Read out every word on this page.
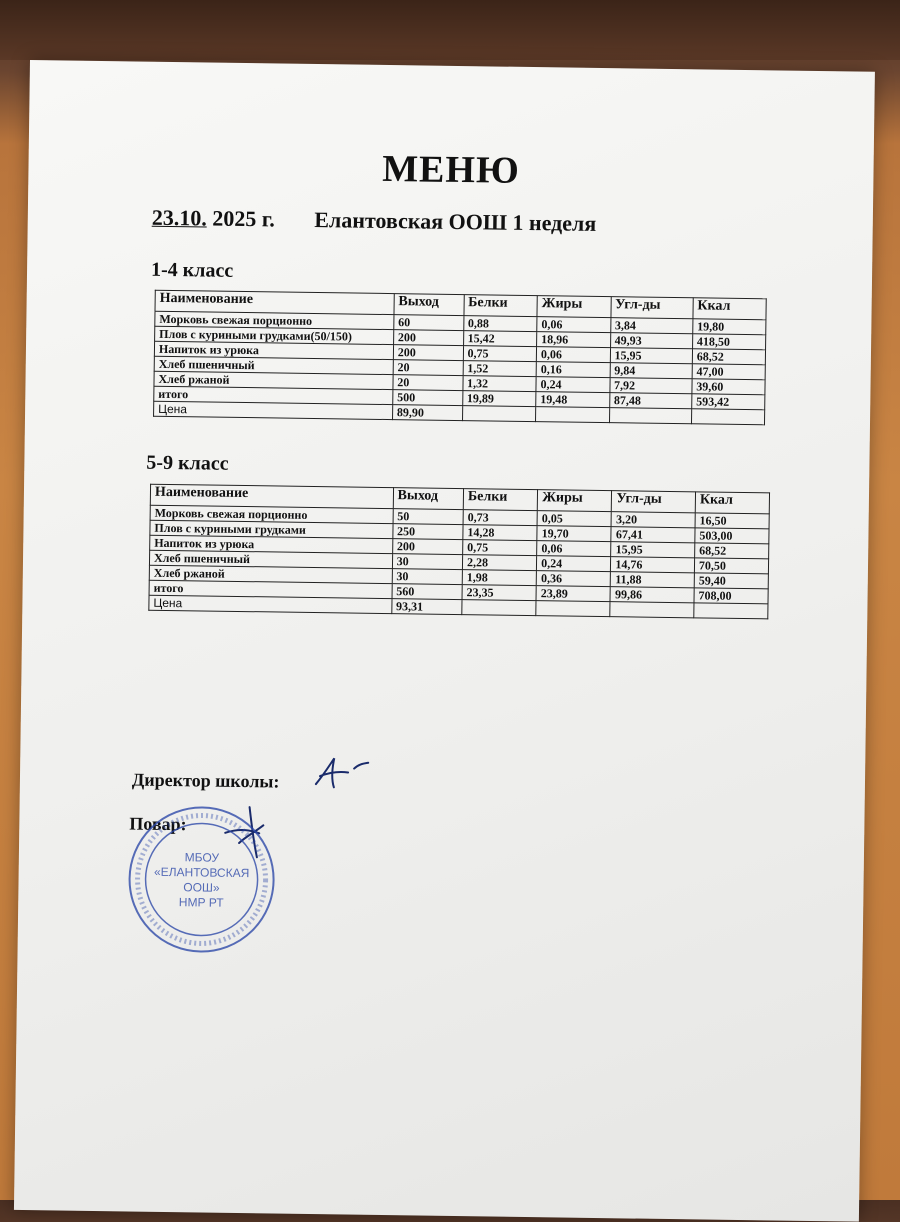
МЕНЮ
23.10. 2025 г. Елантовская ООШ 1 неделя
1-4 класс
Наименование	Выход	Белки	Жиры	Угл-ды	Ккал
Морковь свежая порционно	60	0,88	0,06	3,84	19,80
Плов с куриными грудками(50/150)	200	15,42	18,96	49,93	418,50
Напиток из урюка	200	0,75	0,06	15,95	68,52
Хлеб пшеничный	20	1,52	0,16	9,84	47,00
Хлеб ржаной	20	1,32	0,24	7,92	39,60
итого	500	19,89	19,48	87,48	593,42
Цена	89,90				
5-9 класс
Наименование	Выход	Белки	Жиры	Угл-ды	Ккал
Морковь свежая порционно	50	0,73	0,05	3,20	16,50
Плов с куриными грудками	250	14,28	19,70	67,41	503,00
Напиток из урюка	200	0,75	0,06	15,95	68,52
Хлеб пшеничный	30	2,28	0,24	14,76	70,50
Хлеб ржаной	30	1,98	0,36	11,88	59,40
итого	560	23,35	23,89	99,86	708,00
Цена	93,31				
Директор школы:
Повар:
МБОУ
«ЕЛАНТОВСКАЯ
ООШ»
НМР РТ
